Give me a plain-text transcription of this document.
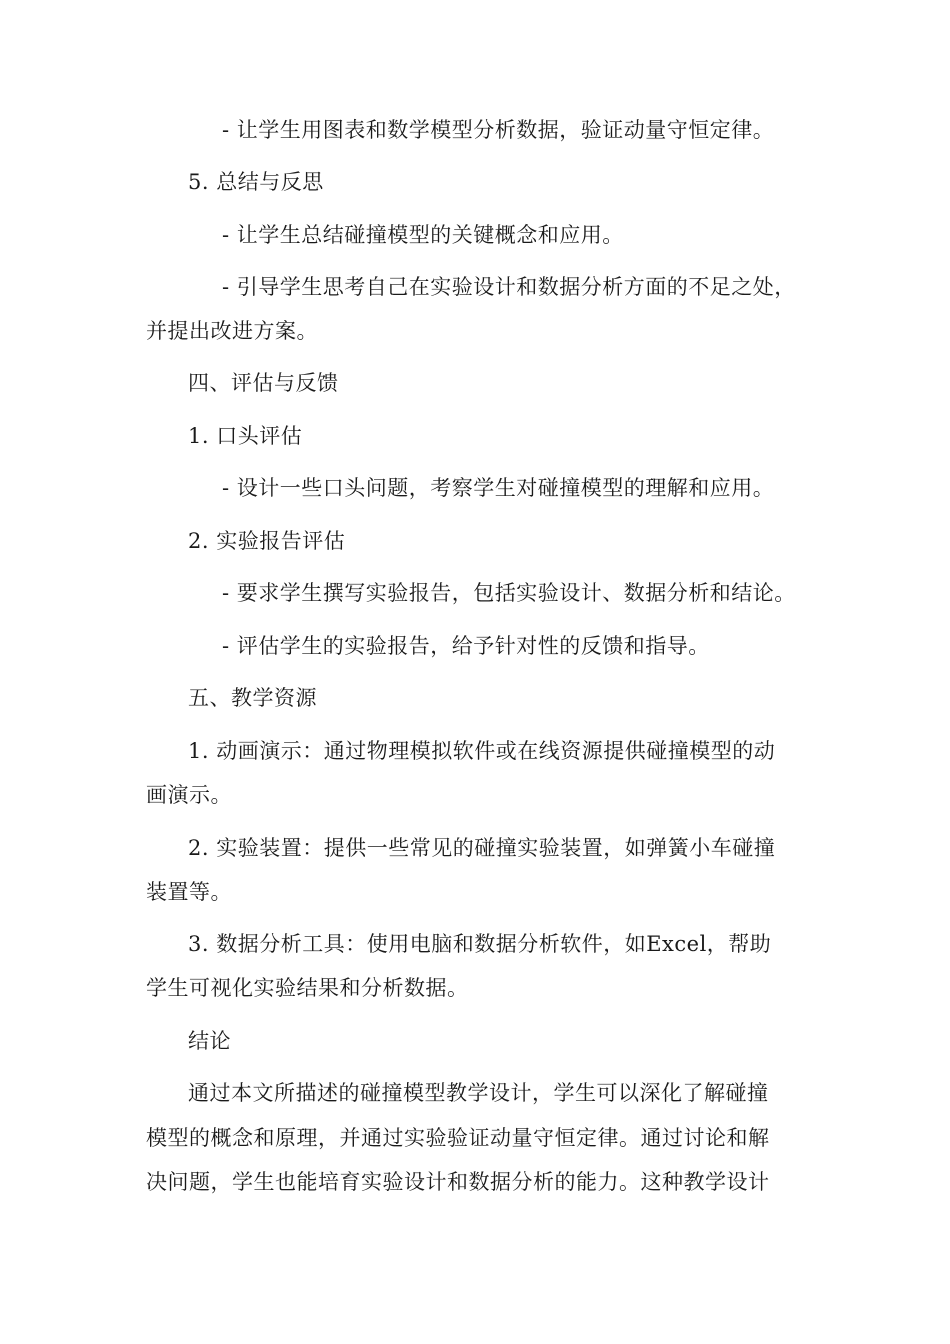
- 让学生用图表和数学模型分析数据，验证动量守恒定律。
5. 总结与反思
- 让学生总结碰撞模型的关键概念和应用。
- 引导学生思考自己在实验设计和数据分析方面的不足之处，
并提出改进方案。
四、评估与反馈
1. 口头评估
- 设计一些口头问题，考察学生对碰撞模型的理解和应用。
2. 实验报告评估
- 要求学生撰写实验报告，包括实验设计、数据分析和结论。
- 评估学生的实验报告，给予针对性的反馈和指导。
五、教学资源
1. 动画演示：通过物理模拟软件或在线资源提供碰撞模型的动
画演示。
2. 实验装置：提供一些常见的碰撞实验装置，如弹簧小车碰撞
装置等。
3. 数据分析工具：使用电脑和数据分析软件，如Excel，帮助
学生可视化实验结果和分析数据。
结论
通过本文所描述的碰撞模型教学设计，学生可以深化了解碰撞
模型的概念和原理，并通过实验验证动量守恒定律。通过讨论和解
决问题，学生也能培育实验设计和数据分析的能力。这种教学设计
